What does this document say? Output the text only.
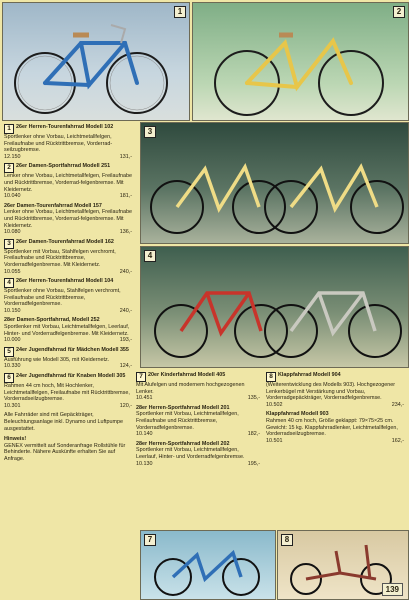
1	2
3
4
7	8
1 26er Herren-Tourenfahrrad Modell 102
Sportlenker ohne Vorbau, Leichtmetallfelgen, Freilaufnabe und Rücktrittbremse, Vorderrad-seilzugbremse.
12.150	131,-
2 26er Damen-Sportfahrrad Modell 251
Lenker ohne Vorbau, Leichtmetallfelgen, Freilaufnabe und Rücktrittbremse, Vorderrad-felgenbremse. Mit Kleidernetz.
10.040	181,-
26er Damen-Tourenfahrrad Modell 157
Lenker ohne Vorbau, Leichtmetallfelgen, Freilaufnabe und Rücktrittbremse, Vorderrad-felgenbremse. Mit Kleidernetz.
10.080	136,-
3 26er Damen-Tourenfahrrad Modell 162
Sportlenker mit Vorbau, Stahlfelgen verchromt, Freilaufnabe und Rücktrittbremse, Vorderradfelgenbremse. Mit Kleidernetz.
10.055	240,-
4 26er Herren-Tourenfahrrad Modell 104
Sportlenker ohne Vorbau, Stahlfelgen verchromt, Freilaufnabe und Rücktrittbremse, Vorderradfelgenbremse.
10.150	240,-
28er Damen-Sportfahrrad, Modell 252
Sportlenker mit Vorbau, Leichtmetallfelgen, Leerlauf, Hinter- und Vorderradfelgenbremse. Mit Kleidernetz.
10.000	193,-
5 24er Jugendfahrrad für Mädchen Modell 355
Ausführung wie Modell 305, mit Kleidernetz.
10.330	124,-
6 24er Jugendfahrrad für Knaben Modell 305
Rahmen 44 cm hoch, Mit Hochlenker, Leichtmetallfelgen, Freilaufnabe mit Rücktrittbremse, Vorderradseilzugbremse.
10.301	120,-
Alle Fahrräder sind mit Gepäckträger, Beleuchtungsanlage inkl. Dynamo und Luftpumpe ausgestattet.
Hinweis!
GENEX vermittelt auf Sonderanfrage Rollstühle für Behinderte. Nähere Auskünfte erhalten Sie auf Anfrage.
7 20er Kinderfahrrad Modell 405
Mit Alufelgen und modernem hochgezogenen Lenker.
10.451	135,-
28er Herren-Sportfahrrad Modell 201
Sportlenker mit Vorbau, Leichtmetallfelgen, Freilaufnabe und Rücktrittbremse, Vorderradfelgenbremse.
10.140	182,-
28er Herren-Sportfahrrad Modell 202
Sportlenker mit Vorbau, Leichtmetallfelgen, Leerlauf, Hinter- und Vorderradfelgenbremse.
10.130	195,-
8 Klappfahrrad Modell 904
(Weiterentwicklung des Modells 903). Hochgezogener Lenkerbügel mit Verstärkung und Vorbau, Vorderradgepäckträger, Vorderradfelgenbremse.
10.502	234,-
Klappfahrrad Modell 903
Rahmen 40 cm hoch, Größe geklappt: 79×75×25 cm. Gewicht: 15 kg. Klappfahrradlenker, Leichtmetallfelgen, Vorderradseilzugbremse.
10.501	162,-
139
